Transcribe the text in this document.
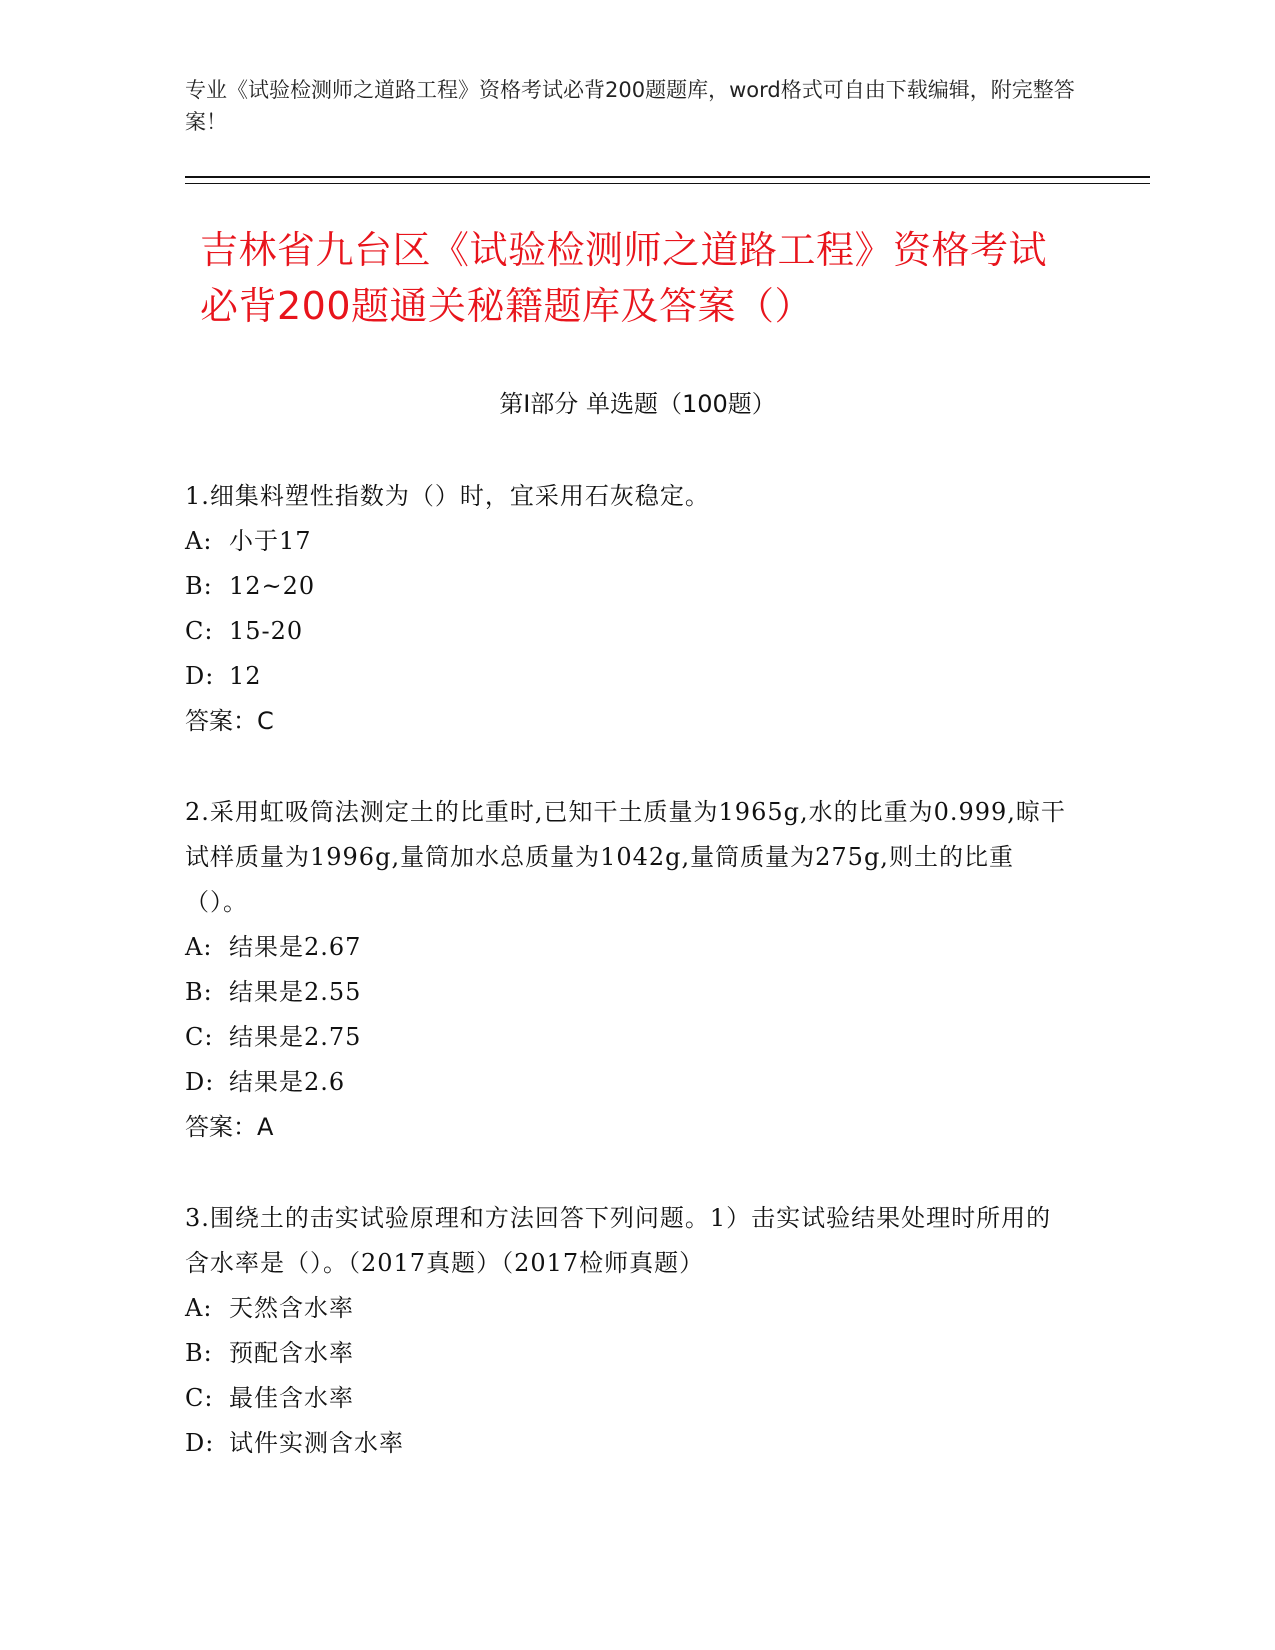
专业《试验检测师之道路工程》资格考试必背200题题库，word格式可自由下载编辑，附完整答案！
吉林省九台区《试验检测师之道路工程》资格考试必背200题通关秘籍题库及答案（）
第I部分 单选题（100题）
1.细集料塑性指数为（）时，宜采用石灰稳定。
A: 小于17
B: 12~20
C: 15-20
D: 12
答案：C
2.采用虹吸筒法测定土的比重时,已知干土质量为1965g,水的比重为0.999,晾干试样质量为1996g,量筒加水总质量为1042g,量筒质量为275g,则土的比重（）。
A: 结果是2.67
B: 结果是2.55
C: 结果是2.75
D: 结果是2.6
答案：A
3.围绕土的击实试验原理和方法回答下列问题。1）击实试验结果处理时所用的含水率是（）。（2017真题）（2017检师真题）
A: 天然含水率
B: 预配含水率
C: 最佳含水率
D: 试件实测含水率
